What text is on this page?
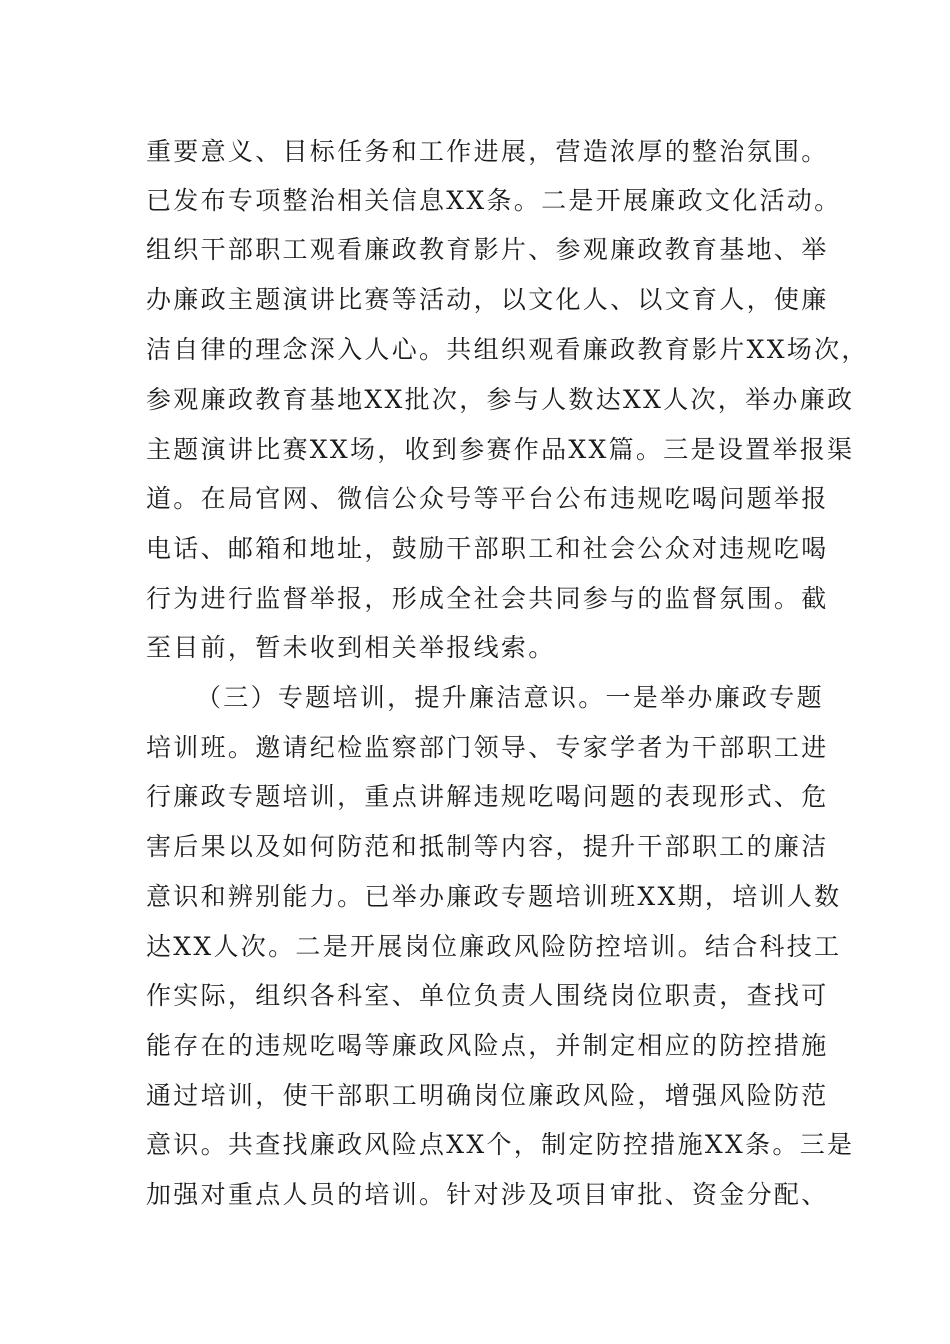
重要意义、目标任务和工作进展，营造浓厚的整治氛围。
已发布专项整治相关信息XX条。二是开展廉政文化活动。
组织干部职工观看廉政教育影片、参观廉政教育基地、举
办廉政主题演讲比赛等活动，以文化人、以文育人，使廉
洁自律的理念深入人心。共组织观看廉政教育影片XX场次，
参观廉政教育基地XX批次，参与人数达XX人次，举办廉政
主题演讲比赛XX场，收到参赛作品XX篇。三是设置举报渠
道。在局官网、微信公众号等平台公布违规吃喝问题举报
电话、邮箱和地址，鼓励干部职工和社会公众对违规吃喝
行为进行监督举报，形成全社会共同参与的监督氛围。截
至目前，暂未收到相关举报线索。
（三）专题培训，提升廉洁意识。一是举办廉政专题
培训班。邀请纪检监察部门领导、专家学者为干部职工进
行廉政专题培训，重点讲解违规吃喝问题的表现形式、危
害后果以及如何防范和抵制等内容，提升干部职工的廉洁
意识和辨别能力。已举办廉政专题培训班XX期，培训人数
达XX人次。二是开展岗位廉政风险防控培训。结合科技工
作实际，组织各科室、单位负责人围绕岗位职责，查找可
能存在的违规吃喝等廉政风险点，并制定相应的防控措施
通过培训，使干部职工明确岗位廉政风险，增强风险防范
意识。共查找廉政风险点XX个，制定防控措施XX条。三是
加强对重点人员的培训。针对涉及项目审批、资金分配、
